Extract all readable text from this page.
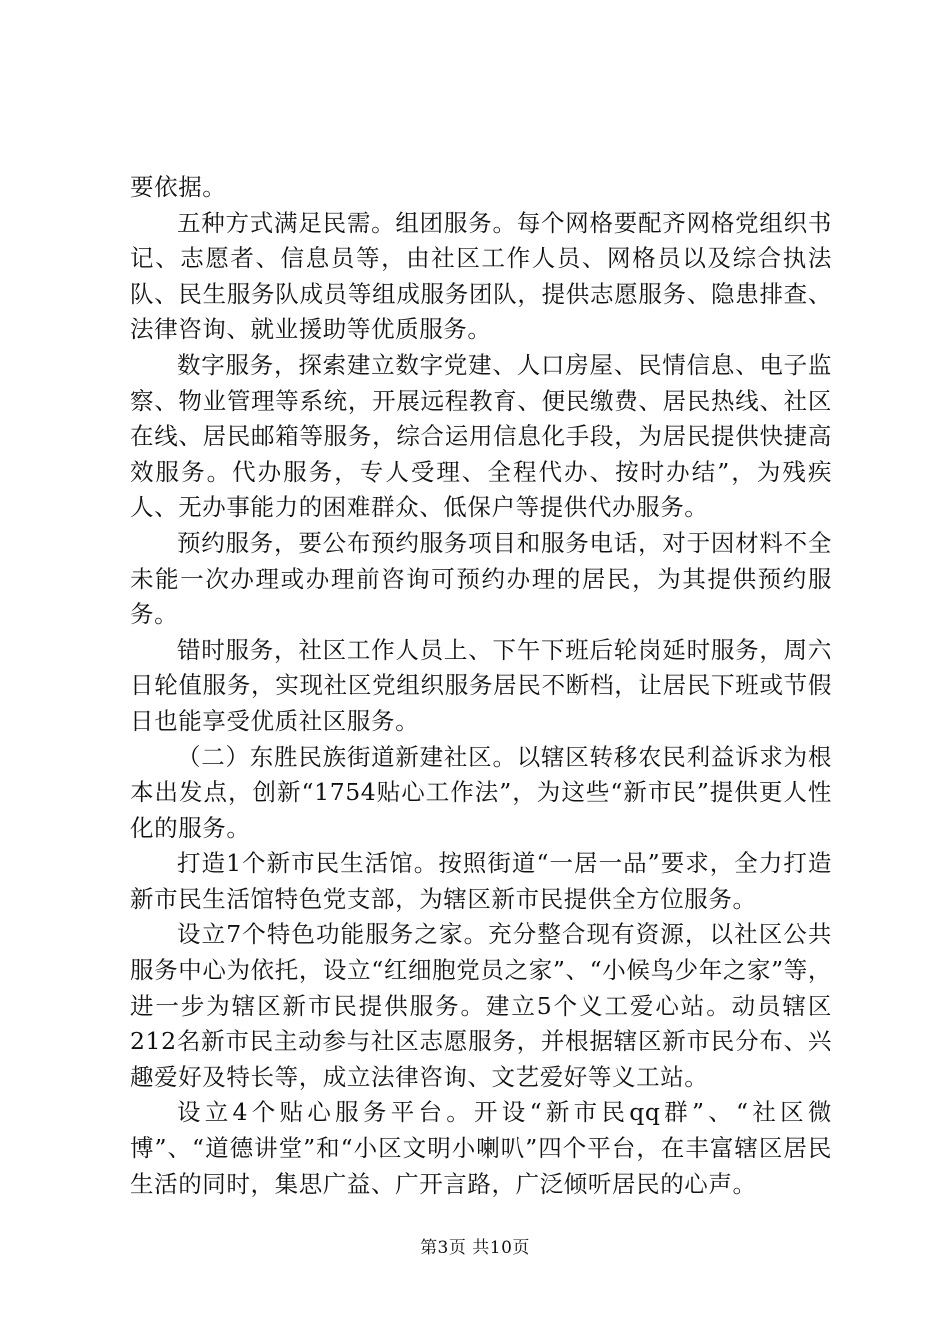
要依据。

五种方式满足民需。组团服务。每个网格要配齐网格党组织书记、志愿者、信息员等，由社区工作人员、网格员以及综合执法队、民生服务队成员等组成服务团队，提供志愿服务、隐患排查、法律咨询、就业援助等优质服务。

数字服务，探索建立数字党建、人口房屋、民情信息、电子监察、物业管理等系统，开展远程教育、便民缴费、居民热线、社区在线、居民邮箱等服务，综合运用信息化手段，为居民提供快捷高效服务。代办服务，专人受理、全程代办、按时办结”，为残疾人、无办事能力的困难群众、低保户等提供代办服务。

预约服务，要公布预约服务项目和服务电话，对于因材料不全未能一次办理或办理前咨询可预约办理的居民，为其提供预约服务。

错时服务，社区工作人员上、下午下班后轮岗延时服务，周六日轮值服务，实现社区党组织服务居民不断档，让居民下班或节假日也能享受优质社区服务。

（二）东胜民族街道新建社区。以辖区转移农民利益诉求为根本出发点，创新“1754贴心工作法”，为这些“新市民”提供更人性化的服务。

打造1个新市民生活馆。按照街道“一居一品”要求，全力打造新市民生活馆特色党支部，为辖区新市民提供全方位服务。

设立7个特色功能服务之家。充分整合现有资源，以社区公共服务中心为依托，设立“红细胞党员之家”、“小候鸟少年之家”等，进一步为辖区新市民提供服务。建立5个义工爱心站。动员辖区212名新市民主动参与社区志愿服务，并根据辖区新市民分布、兴趣爱好及特长等，成立法律咨询、文艺爱好等义工站。

设立4个贴心服务平台。开设“新市民qq群”、“社区微博”、“道德讲堂”和“小区文明小喇叭”四个平台，在丰富辖区居民生活的同时，集思广益、广开言路，广泛倾听居民的心声。

第3页 共10页
